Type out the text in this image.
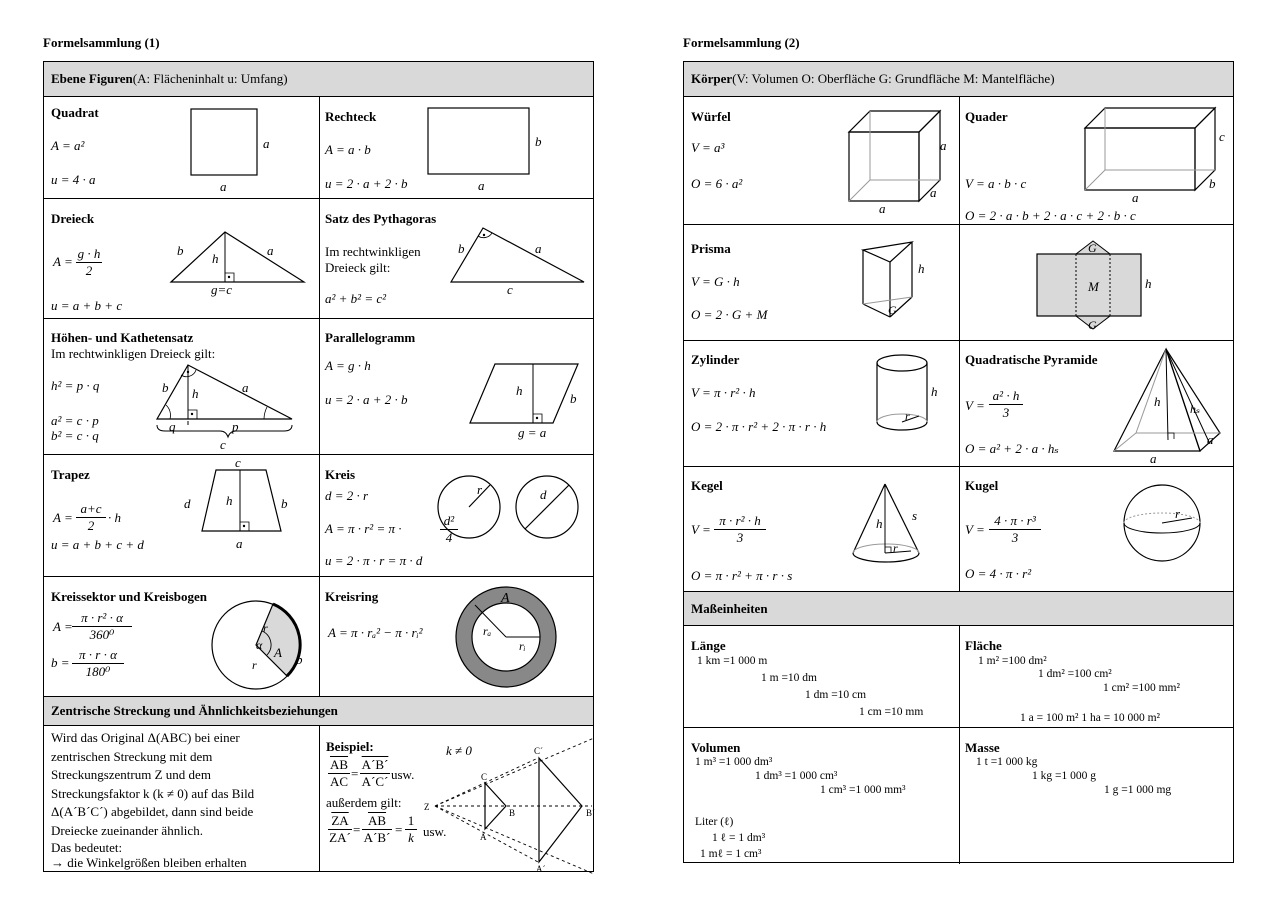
Formelsammlung (1)
Ebene Figuren (A: Flächeninhalt u: Umfang)
Zentrische Streckung und Ähnlichkeitsbeziehungen
Quadrat
A = a²
u = 4 · a
a
a
Rechteck
A = a · b
u = 2 · a + 2 · b
b
a
Dreieck
$A = \frac{g \cdot h}{2}$
u = a + b + c
b	a
h
g=c
Satz des Pythagoras
Im rechtwinkligen
Dreieck gilt:
a² + b² = c²
b	a
c
Höhen- und Kathetensatz
Im rechtwinkligen Dreieck gilt:
h² = p · q
a² = c · p
b² = c · q
b	a
h
q	p
c
Parallelogramm
A = g · h
u = 2 · a + 2 · b
h
b
g = a
Trapez
$A = \frac{a+c}{2} \cdot h$
u = a + b + c + d
c
d	h	b
a
Kreis
d = 2 · r
A = π · r² = π ·	$\frac{\text{d²}}{4}$
u = 2 · π · r = π · d
r	d
Kreissektor und Kreisbogen
$A = \frac{\text{π · r² · α}}{\text{360⁰}}$
$b = \frac{\pi \cdot r \cdot \alpha}{\text{180⁰}}$
r
α
r
A b
Kreisring
A = π · rₐ² − π · rᵢ²
A
rₐ
rᵢ
Wird das Original Δ(ABC) bei einer
zentrischen Streckung mit dem
Streckungszentrum Z und dem
Streckungsfaktor k (k ≠ 0) auf das Bild
Δ(A´B´C´) abgebildet, dann sind beide
Dreiecke zueinander ähnlich.
Das bedeutet:
→ die Winkelgrößen bleiben erhalten
Beispiel:	k ≠ 0
$\frac{\overline{AB}}{AC} = \frac{A´B´}{A´C´}$ usw.
außerdem gilt:
$\frac{\overline{ZA}}{ZA´} = \frac{\overline{AB}}{A´B´} = \frac{1}{k}$ usw.
Z
C
B
A
C´
B´
A´
Formelsammlung (2)
Körper (V: Volumen O: Oberfläche G: Grundfläche M: Mantelfläche)
Maßeinheiten
Würfel
V = a³
O = 6 · a²
a
a
a
Quader
V = a · b · c
O = 2 · a · b + 2 · a · c + 2 · b · c
c
b
a
Prisma
V = G · h
O = 2 · G + M
h
G
G
G
M	h
Zylinder
V = π · r² · h
O = 2 · π · r² + 2 · π · r · h
h
r
Quadratische Pyramide
$V = \frac{\text{a² · h}}{3}$
O = a² + 2 · a · hₛ
h hₛ
a
a
Kegel
$V = \frac{\text{π · r² · h}}{3}$
O = π · r² + π · r · s
h
s
r
Kugel
$V = \frac{\text{4 · π · r³}}{3}$
O = 4 · π · r²
r
Länge
1 km =1 000 m
1 m =10 dm
1 dm =10 cm
1 cm =10 mm
Fläche
1 m² =100 dm²
1 dm² =100 cm²
1 cm² =100 mm²
1 a = 100 m² 1 ha = 10 000 m²
Volumen
1 m³ =1 000 dm³
1 dm³ =1 000 cm³
1 cm³ =1 000 mm³
Liter (ℓ)
1 ℓ = 1 dm³
1 mℓ = 1 cm³
Masse
1 t =1 000 kg
1 kg =1 000 g
1 g =1 000 mg
